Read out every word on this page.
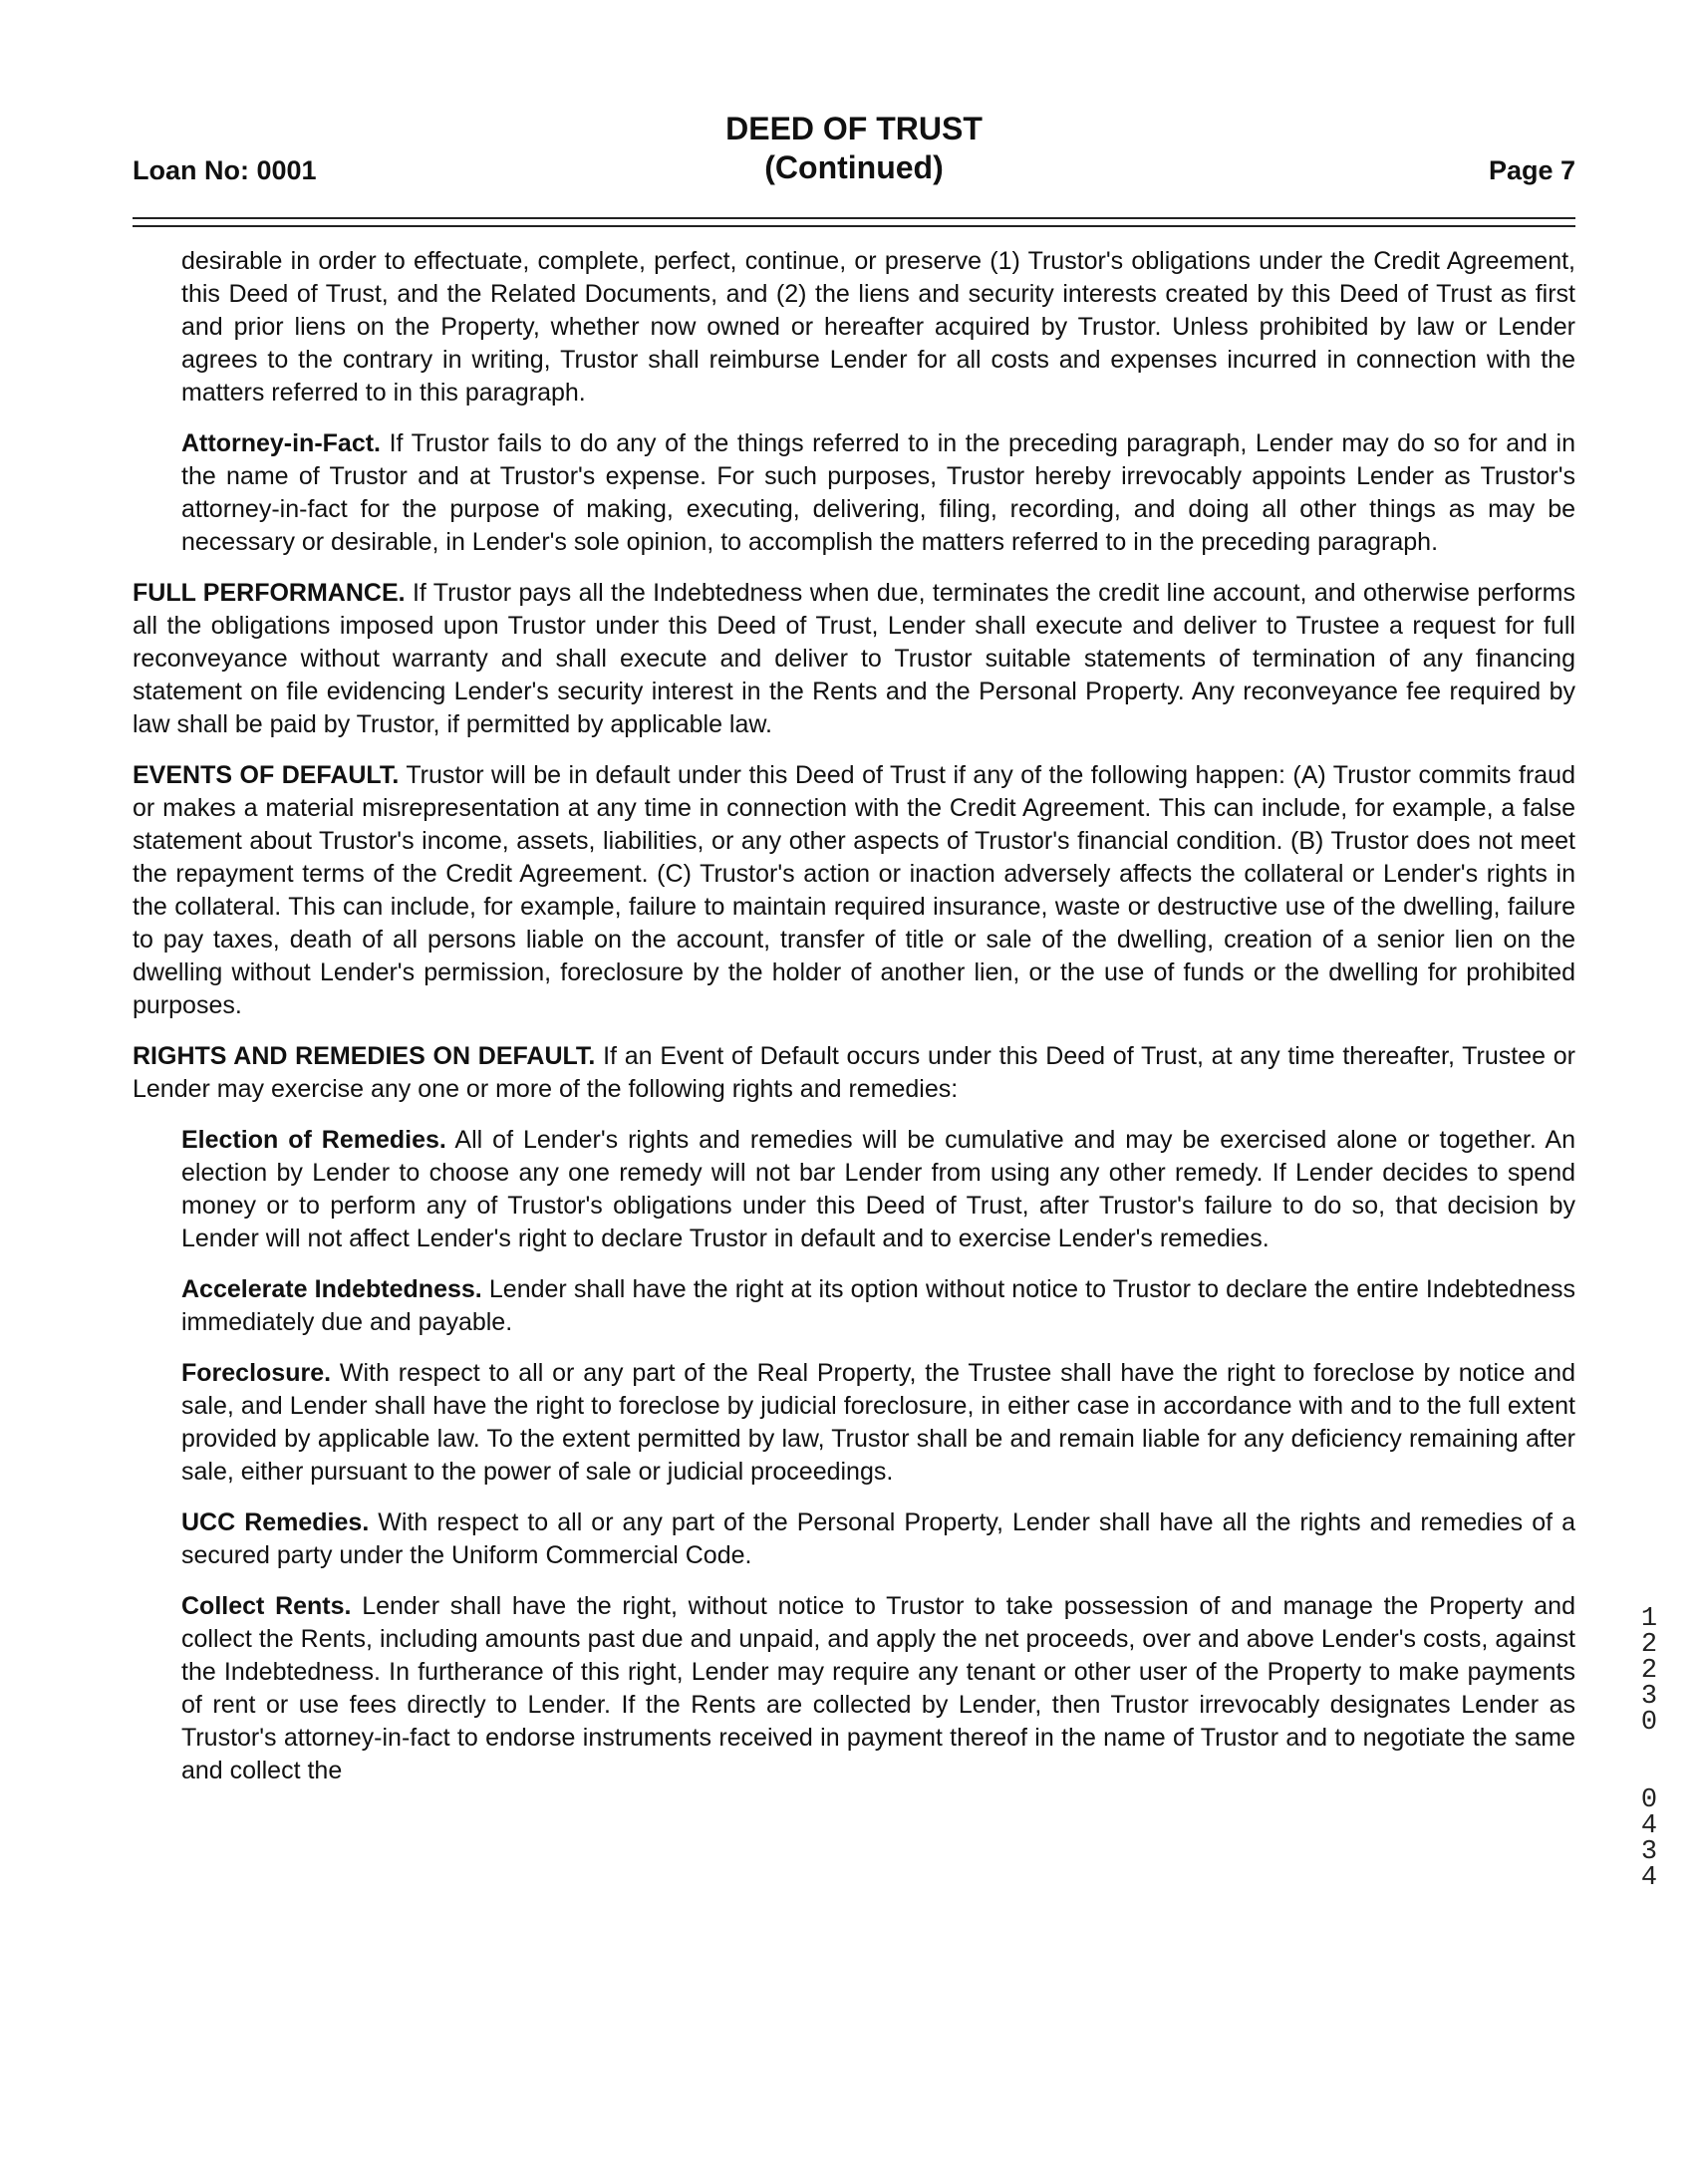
Loan No: 0001
DEED OF TRUST
(Continued)	Page 7

desirable in order to effectuate, complete, perfect, continue, or preserve (1) Trustor's obligations under the Credit Agreement, this Deed of Trust, and the Related Documents, and (2) the liens and security interests created by this Deed of Trust as first and prior liens on the Property, whether now owned or hereafter acquired by Trustor. Unless prohibited by law or Lender agrees to the contrary in writing, Trustor shall reimburse Lender for all costs and expenses incurred in connection with the matters referred to in this paragraph.

Attorney-in-Fact. If Trustor fails to do any of the things referred to in the preceding paragraph, Lender may do so for and in the name of Trustor and at Trustor's expense. For such purposes, Trustor hereby irrevocably appoints Lender as Trustor's attorney-in-fact for the purpose of making, executing, delivering, filing, recording, and doing all other things as may be necessary or desirable, in Lender's sole opinion, to accomplish the matters referred to in the preceding paragraph.

FULL PERFORMANCE. If Trustor pays all the Indebtedness when due, terminates the credit line account, and otherwise performs all the obligations imposed upon Trustor under this Deed of Trust, Lender shall execute and deliver to Trustee a request for full reconveyance without warranty and shall execute and deliver to Trustor suitable statements of termination of any financing statement on file evidencing Lender's security interest in the Rents and the Personal Property. Any reconveyance fee required by law shall be paid by Trustor, if permitted by applicable law.

EVENTS OF DEFAULT. Trustor will be in default under this Deed of Trust if any of the following happen: (A) Trustor commits fraud or makes a material misrepresentation at any time in connection with the Credit Agreement. This can include, for example, a false statement about Trustor's income, assets, liabilities, or any other aspects of Trustor's financial condition. (B) Trustor does not meet the repayment terms of the Credit Agreement. (C) Trustor's action or inaction adversely affects the collateral or Lender's rights in the collateral. This can include, for example, failure to maintain required insurance, waste or destructive use of the dwelling, failure to pay taxes, death of all persons liable on the account, transfer of title or sale of the dwelling, creation of a senior lien on the dwelling without Lender's permission, foreclosure by the holder of another lien, or the use of funds or the dwelling for prohibited purposes.

RIGHTS AND REMEDIES ON DEFAULT. If an Event of Default occurs under this Deed of Trust, at any time thereafter, Trustee or Lender may exercise any one or more of the following rights and remedies:

Election of Remedies. All of Lender's rights and remedies will be cumulative and may be exercised alone or together. An election by Lender to choose any one remedy will not bar Lender from using any other remedy. If Lender decides to spend money or to perform any of Trustor's obligations under this Deed of Trust, after Trustor's failure to do so, that decision by Lender will not affect Lender's right to declare Trustor in default and to exercise Lender's remedies.

Accelerate Indebtedness. Lender shall have the right at its option without notice to Trustor to declare the entire Indebtedness immediately due and payable.

Foreclosure. With respect to all or any part of the Real Property, the Trustee shall have the right to foreclose by notice and sale, and Lender shall have the right to foreclose by judicial foreclosure, in either case in accordance with and to the full extent provided by applicable law. To the extent permitted by law, Trustor shall be and remain liable for any deficiency remaining after sale, either pursuant to the power of sale or judicial proceedings.

UCC Remedies. With respect to all or any part of the Personal Property, Lender shall have all the rights and remedies of a secured party under the Uniform Commercial Code.

Collect Rents. Lender shall have the right, without notice to Trustor to take possession of and manage the Property and collect the Rents, including amounts past due and unpaid, and apply the net proceeds, over and above Lender's costs, against the Indebtedness. In furtherance of this right, Lender may require any tenant or other user of the Property to make payments of rent or use fees directly to Lender. If the Rents are collected by Lender, then Trustor irrevocably designates Lender as Trustor's attorney-in-fact to endorse instruments received in payment thereof in the name of Trustor and to negotiate the same and collect the

12230
0434
